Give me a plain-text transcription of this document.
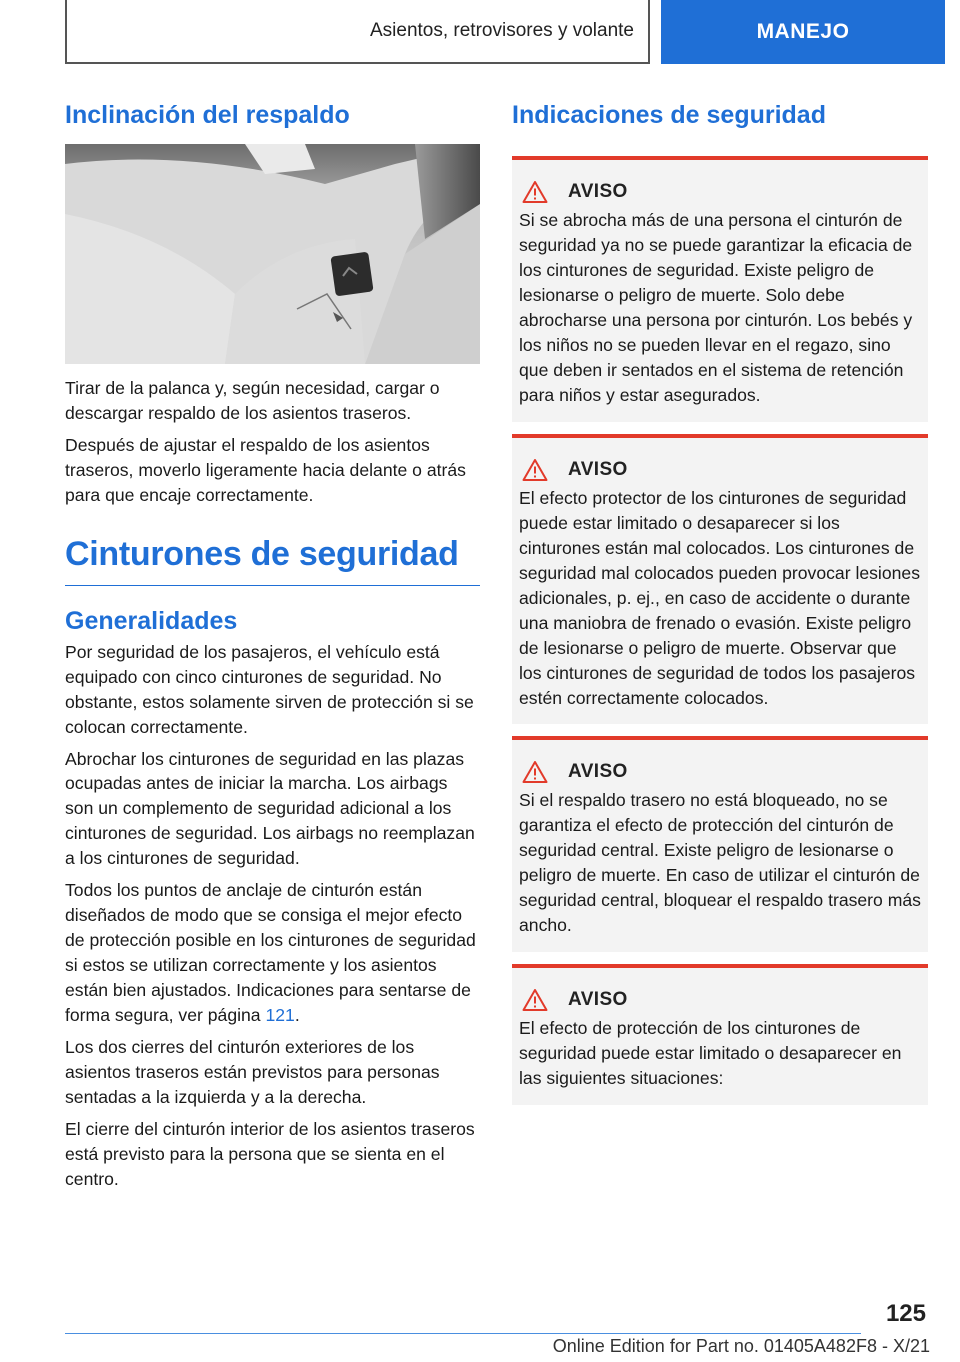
Asientos, retrovisores y volante	MANEJO
Inclinación del respaldo

Tirar de la palanca y, según necesidad, cargar o descargar respaldo de los asientos traseros.

Después de ajustar el respaldo de los asientos traseros, moverlo ligeramente hacia delante o atrás para que encaje correctamente.

Cinturones de seguridad
Generalidades

Por seguridad de los pasajeros, el vehículo está equipado con cinco cinturones de seguridad. No obstante, estos solamente sirven de protección si se colocan correctamente.

Abrochar los cinturones de seguridad en las plazas ocupadas antes de iniciar la marcha. Los airbags son un complemento de seguridad adicional a los cinturones de seguridad. Los airbags no reemplazan a los cinturones de seguridad.

Todos los puntos de anclaje de cinturón están diseñados de modo que se consiga el mejor efecto de protección posible en los cinturones de seguridad si estos se utilizan correctamente y los asientos están bien ajustados. Indicaciones para sentarse de forma segura, ver página 121.

Los dos cierres del cinturón exteriores de los asientos traseros están previstos para personas sentadas a la izquierda y a la derecha.

El cierre del cinturón interior de los asientos traseros está previsto para la persona que se sienta en el centro.

Indicaciones de seguridad
AVISO

Si se abrocha más de una persona el cinturón de seguridad ya no se puede garantizar la eficacia de los cinturones de seguridad. Existe peligro de lesionarse o peligro de muerte. Solo debe abrocharse una persona por cinturón. Los bebés y los niños no se pueden llevar en el regazo, sino que deben ir sentados en el sistema de retención para niños y estar asegurados.

AVISO

El efecto protector de los cinturones de seguridad puede estar limitado o desaparecer si los cinturones están mal colocados. Los cinturones de seguridad mal colocados pueden provocar lesiones adicionales, p. ej., en caso de accidente o durante una maniobra de frenado o evasión. Existe peligro de lesionarse o peligro de muerte. Observar que los cinturones de seguridad de todos los pasajeros estén correctamente colocados.

AVISO

Si el respaldo trasero no está bloqueado, no se garantiza el efecto de protección del cinturón de seguridad central. Existe peligro de lesionarse o peligro de muerte. En caso de utilizar el cinturón de seguridad central, bloquear el respaldo trasero más ancho.

AVISO

El efecto de protección de los cinturones de seguridad puede estar limitado o desaparecer en las siguientes situaciones:

125
Online Edition for Part no. 01405A482F8 - X/21
